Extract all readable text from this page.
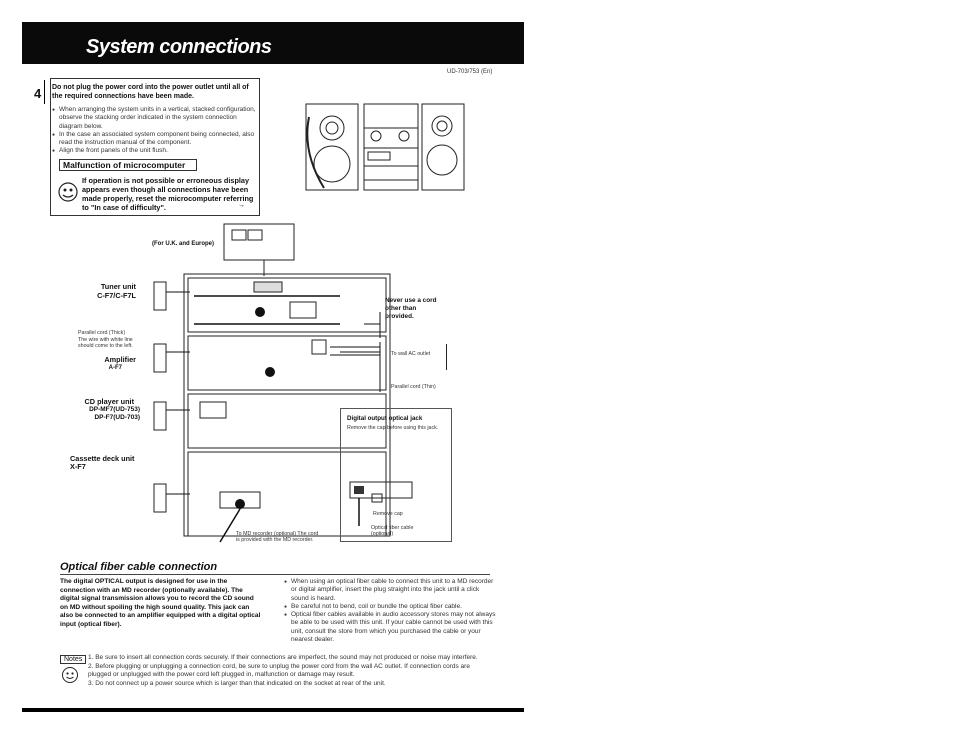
System connections
UD-703/753 (En)
4 Do not plug the power cord into the power outlet until all of the required connections have been made.
● When arranging the system units in a vertical, stacked configuration, observe the stacking order indicated in the system connection diagram below.
● In the case an associated system component being connected, also read the instruction manual of the component.
● Align the front panels of the unit flush.
Malfunction of microcomputer
If operation is not possible or erroneous display appears even though all connections have been made properly, reset the microcomputer referring to "In case of difficulty".	→
(For U.K. and Europe)
Tuner unit
C-F7/C-F7L
Parallel cord (Thick)
The wire with white line should come to the left.
Amplifier
A-F7
CD player unit
DP-MF7(UD-753)
DP-F7(UD-703)
Cassette deck unit
X-F7
Never use a cord other than provided.
To wall AC outlet
Parallel cord (Thin)
Digital output optical jack
Remove the cap before using this jack.
Remove cap
Optical fiber cable (optional)
To MD recorder (optional) The cord is provided with the MD recorder.
Optical fiber cable connection
The digital OPTICAL output is designed for use in the connection with an MD recorder (optionally available). The digital signal transmission allows you to record the CD sound on MD without spoiling the high sound quality. This jack can also be connected to an amplifier equipped with a digital optical input (optical fiber).
● When using an optical fiber cable to connect this unit to a MD recorder or digital amplifier, insert the plug straight into the jack until a click sound is heard.
● Be careful not to bend, coil or bundle the optical fiber cable.
● Optical fiber cables available in audio accessory stores may not always be able to be used with this unit. If your cable cannot be used with this unit, consult the store from which you purchased the cable or your nearest dealer.
Notes 1. Be sure to insert all connection cords securely. If their connections are imperfect, the sound may not produced or noise may interfere.
2. Before plugging or unplugging a connection cord, be sure to unplug the power cord from the wall AC outlet. If connection cords are plugged or unplugged with the power cord left plugged in, malfunction or damage may result.
3. Do not connect up a power source which is larger than that indicated on the socket at rear of the unit.
